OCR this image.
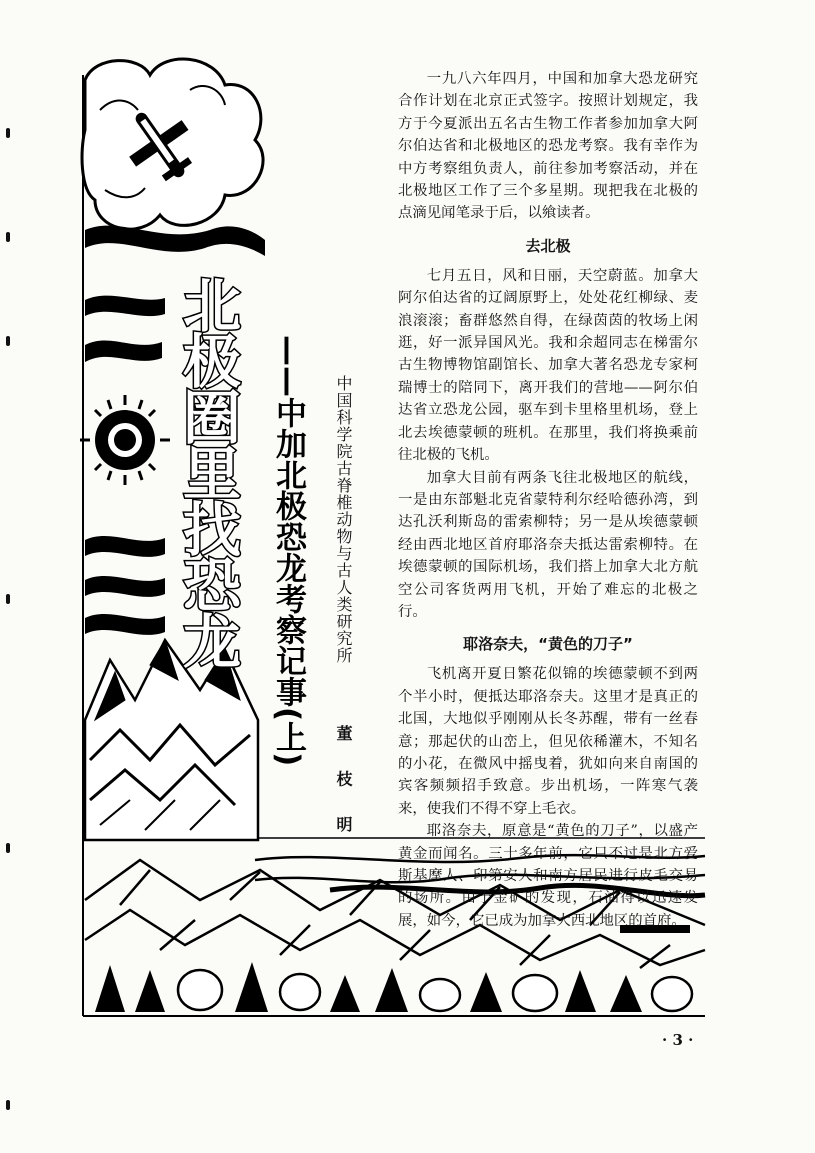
北极圈里找恐龙 ——中加北极恐龙考察记事(上) 中国科学院古脊椎动物与古人类研究所
董 枝 明

一九八六年四月，中国和加拿大恐龙研究合作计划在北京正式签字。按照计划规定，我方于今夏派出五名古生物工作者参加加拿大阿尔伯达省和北极地区的恐龙考察。我有幸作为中方考察组负责人，前往参加考察活动，并在北极地区工作了三个多星期。现把我在北极的点滴见闻笔录于后，以飨读者。

去北极

七月五日，风和日丽，天空蔚蓝。加拿大阿尔伯达省的辽阔原野上，处处花红柳绿、麦浪滚滚；畜群悠然自得，在绿茵茵的牧场上闲逛，好一派异国风光。我和余超同志在梯雷尔古生物博物馆副馆长、加拿大著名恐龙专家柯瑞博士的陪同下，离开我们的营地——阿尔伯达省立恐龙公园，驱车到卡里格里机场，登上北去埃德蒙顿的班机。在那里，我们将换乘前往北极的飞机。

加拿大目前有两条飞往北极地区的航线，一是由东部魁北克省蒙特利尔经哈德孙湾，到达孔沃利斯岛的雷索柳特；另一是从埃德蒙顿经由西北地区首府耶洛奈夫抵达雷索柳特。在埃德蒙顿的国际机场，我们搭上加拿大北方航空公司客货两用飞机，开始了难忘的北极之行。

耶洛奈夫，“黄色的刀子”

飞机离开夏日繁花似锦的埃德蒙顿不到两个半小时，便抵达耶洛奈夫。这里才是真正的北国，大地似乎刚刚从长冬苏醒，带有一丝春意；那起伏的山峦上，但见依稀灌木，不知名的小花，在微风中摇曳着，犹如向来自南国的宾客频频招手致意。步出机场，一阵寒气袭来，使我们不得不穿上毛衣。

耶洛奈夫，原意是“黄色的刀子”，以盛产黄金而闻名。三十多年前，它只不过是北方爱斯基摩人、印第安人和南方居民进行皮毛交易的场所。由于金矿的发现，石油得以迅速发展，如今，它已成为加拿大西北地区的首府。

· 3 ·
